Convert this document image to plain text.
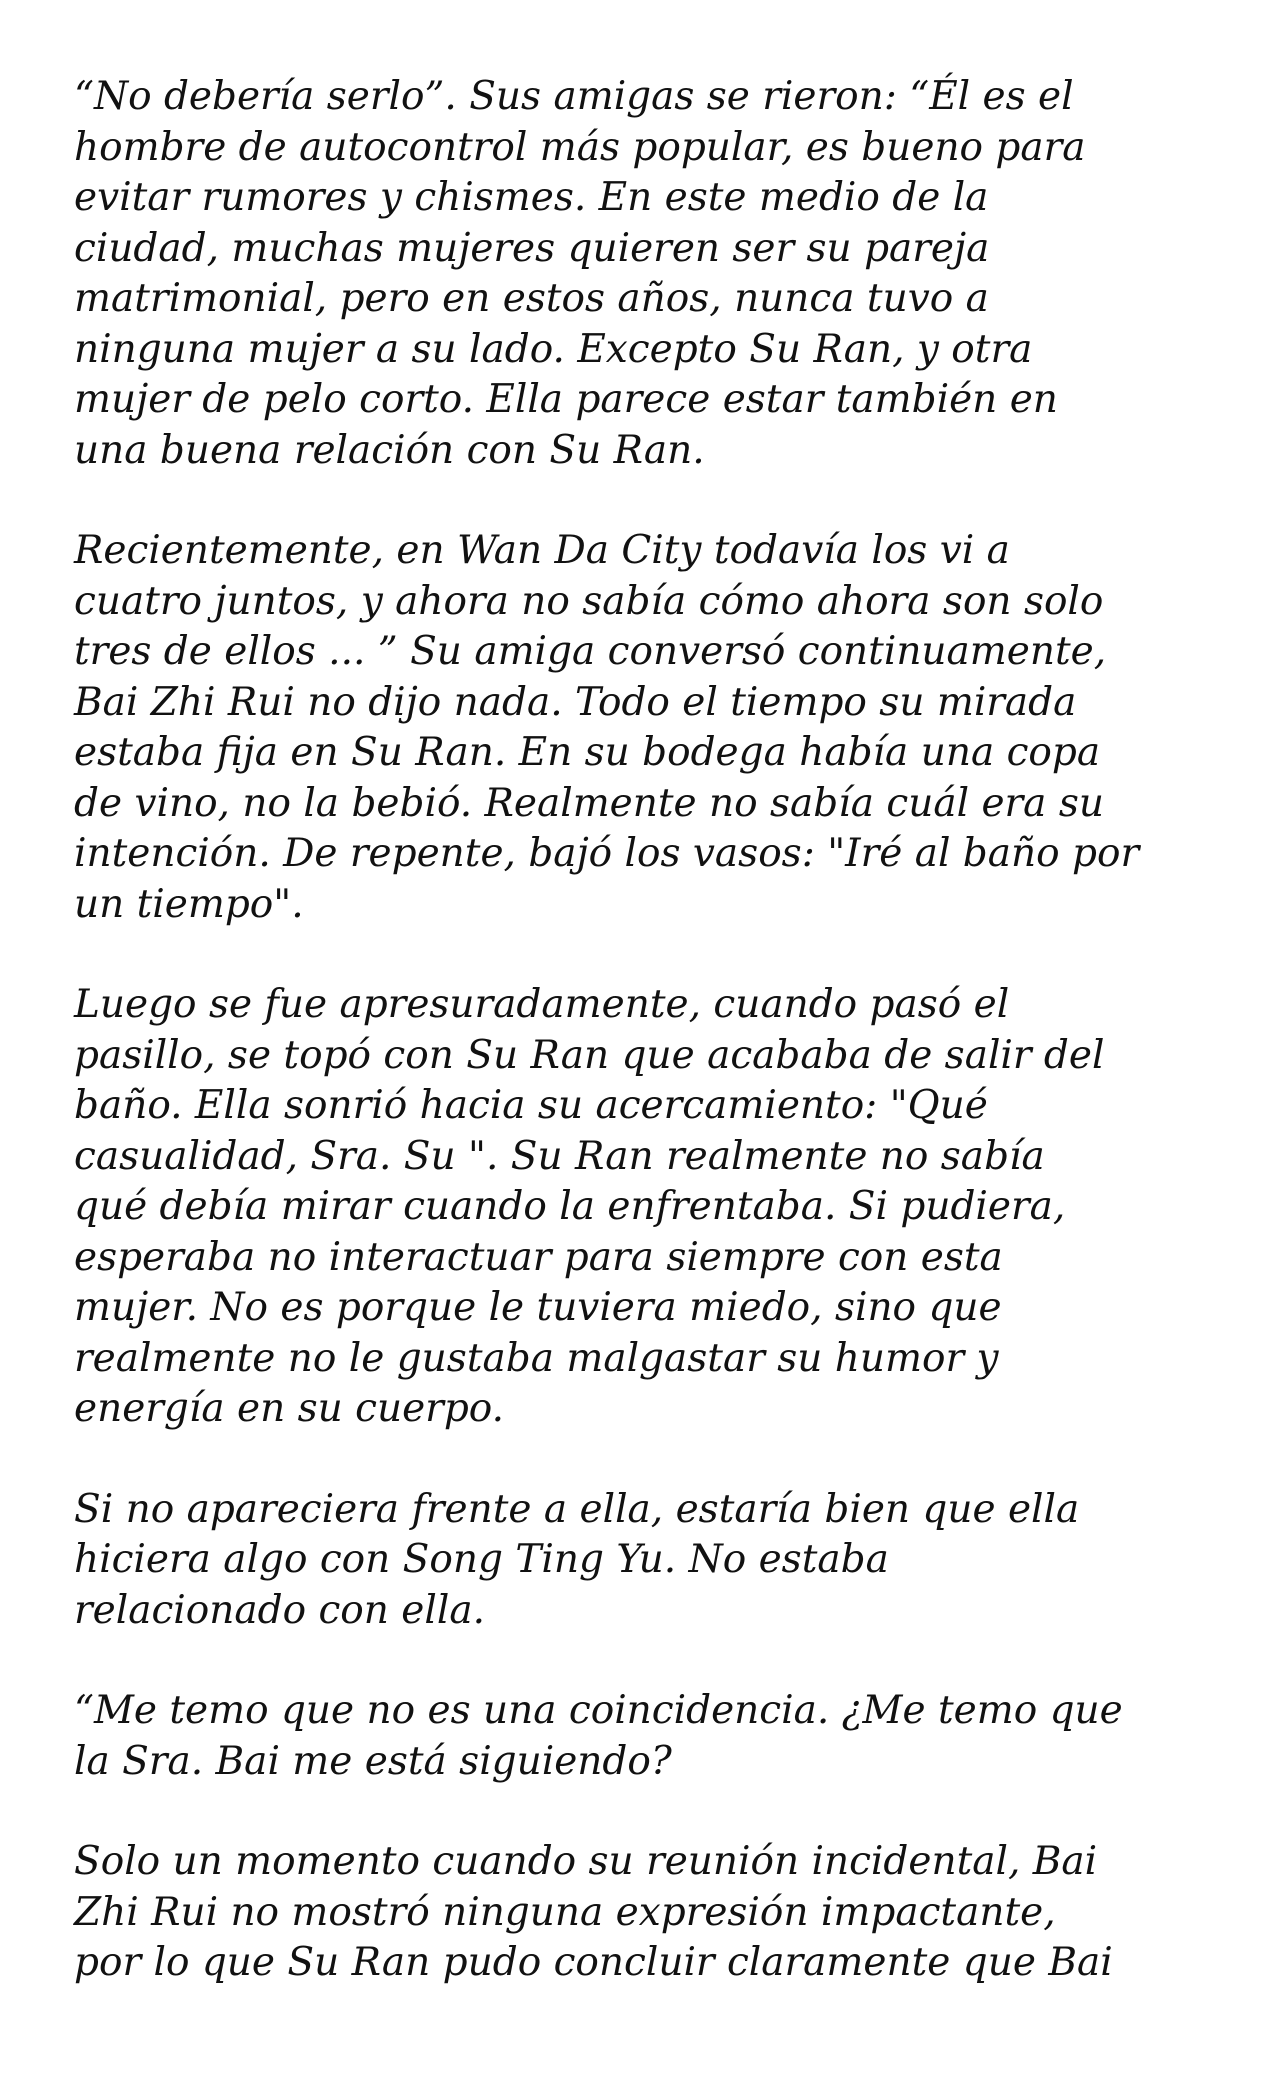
“No debería serlo”. Sus amigas se rieron: “Él es el
hombre de autocontrol más popular, es bueno para
evitar rumores y chismes. En este medio de la
ciudad, muchas mujeres quieren ser su pareja
matrimonial, pero en estos años, nunca tuvo a
ninguna mujer a su lado. Excepto Su Ran, y otra
mujer de pelo corto. Ella parece estar también en
una buena relación con Su Ran.
Recientemente, en Wan Da City todavía los vi a
cuatro juntos, y ahora no sabía cómo ahora son solo
tres de ellos ... ” Su amiga conversó continuamente,
Bai Zhi Rui no dijo nada. Todo el tiempo su mirada
estaba fija en Su Ran. En su bodega había una copa
de vino, no la bebió. Realmente no sabía cuál era su
intención. De repente, bajó los vasos: "Iré al baño por
un tiempo".
Luego se fue apresuradamente, cuando pasó el
pasillo, se topó con Su Ran que acababa de salir del
baño. Ella sonrió hacia su acercamiento: "Qué
casualidad, Sra. Su ". Su Ran realmente no sabía
qué debía mirar cuando la enfrentaba. Si pudiera,
esperaba no interactuar para siempre con esta
mujer. No es porque le tuviera miedo, sino que
realmente no le gustaba malgastar su humor y
energía en su cuerpo.
Si no apareciera frente a ella, estaría bien que ella
hiciera algo con Song Ting Yu. No estaba
relacionado con ella.
“Me temo que no es una coincidencia. ¿Me temo que
la Sra. Bai me está siguiendo?
Solo un momento cuando su reunión incidental, Bai
Zhi Rui no mostró ninguna expresión impactante,
por lo que Su Ran pudo concluir claramente que Bai
